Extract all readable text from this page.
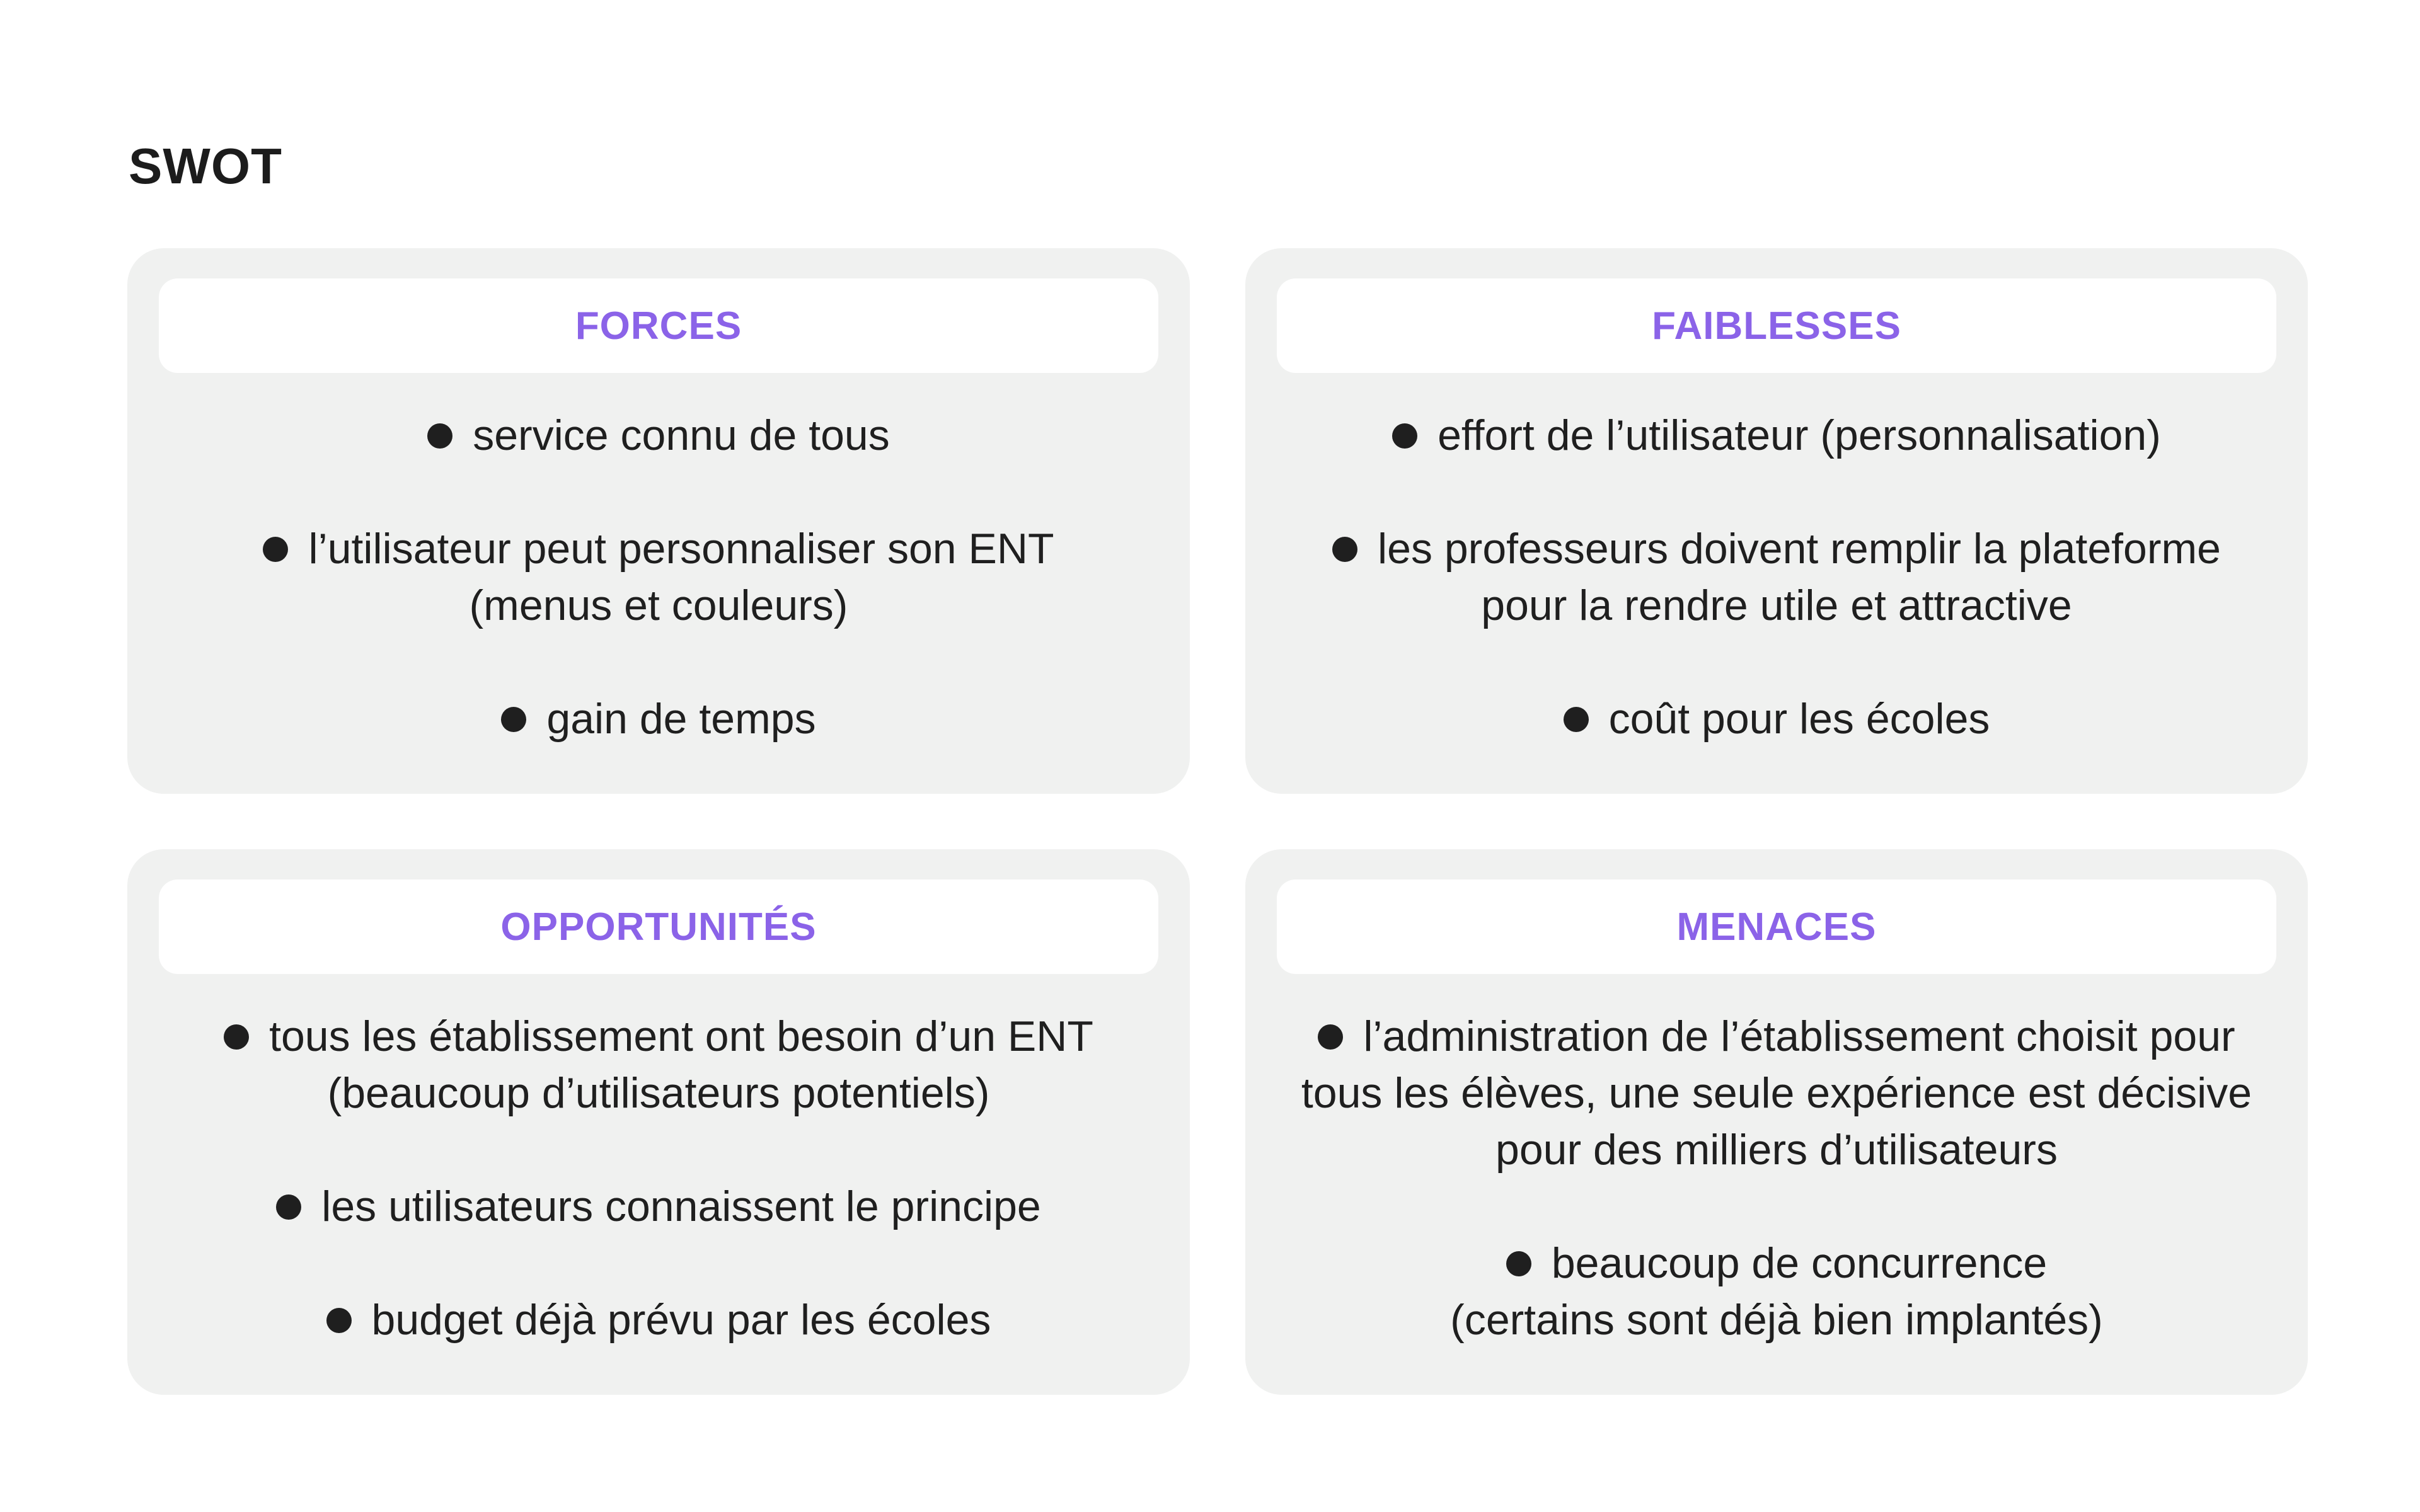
SWOT
FORCES
service connu de tous
l’utilisateur peut personnaliser son ENT
(menus et couleurs)
gain de temps
FAIBLESSES
effort de l’utilisateur (personnalisation)
les professeurs doivent remplir la plateforme
pour la rendre utile et attractive
coût pour les écoles
OPPORTUNITÉS
tous les établissement ont besoin d’un ENT
(beaucoup d’utilisateurs potentiels)
les utilisateurs connaissent le principe
budget déjà prévu par les écoles
MENACES
l’administration de l’établissement choisit pour
tous les élèves, une seule expérience est décisive
pour des milliers d’utilisateurs
beaucoup de concurrence
(certains sont déjà bien implantés)
